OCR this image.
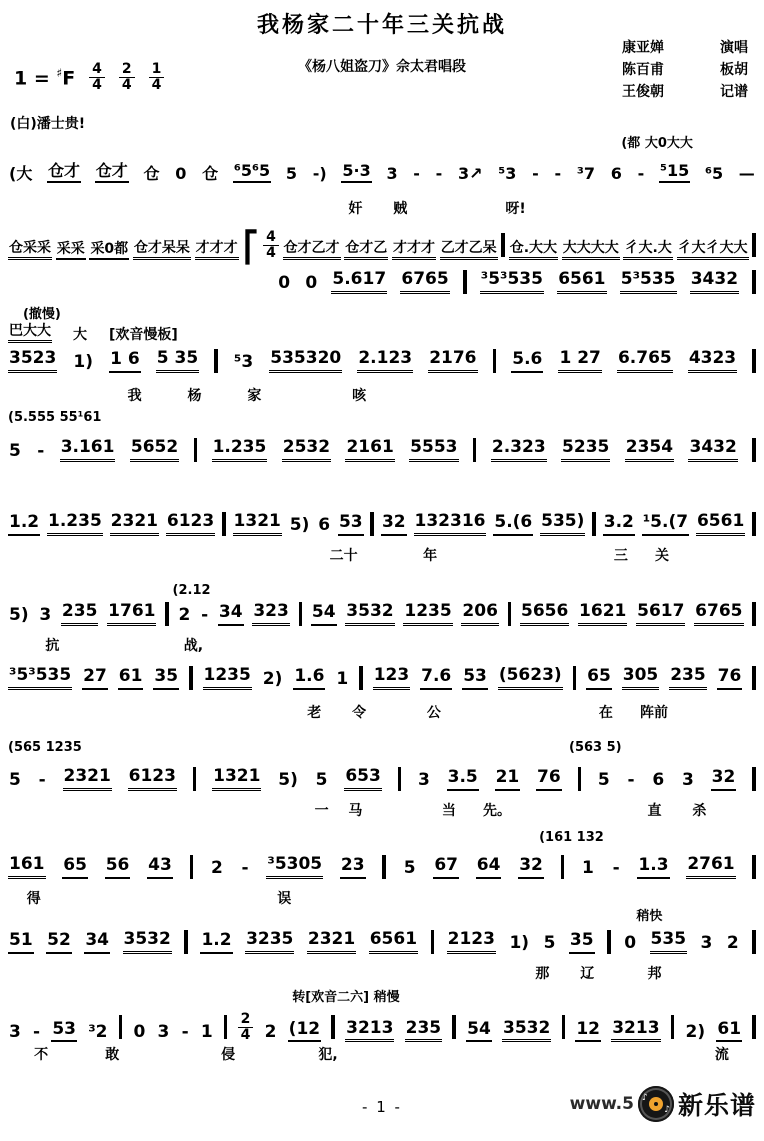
我杨家二十年三关抗战
《杨八姐盗刀》佘太君唱段
$1 = ^♯F \frac{4}{4} \frac{2}{4} \frac{1}{4}$
康亚婵	演唱
陈百甫	板胡
王俊朝	记谱
(白)潘士贵!
(都 大0大大
(大 仓才 仓才 仓 0 仓 ⁶5⁶5 5 -) 5·3 3 - - 3↗ ⁵3 - - ³7 6 - ⁵15 ⁶5 —
奸 贼	呀!
仓采采 采采 采0都 仓才呆呆 才才才 ⎡ $\frac{4}{4}$ 仓才乙才 仓才乙 才才才 乙才乙呆 仓.大大 大大大大 彳大.大 彳大彳大大
0 0 5.617 6765 ³5³535 6561 5³535 3432
(撤慢)
巴大大 大 [欢音慢板]
3523 1) 1 6 5 35 ⁵3 535320 2.123 2176 5.6 1 27 6.765 4323
我	杨	家	咳
(5.555 55¹61
5 - 3.161 5652 1.235 2532 2161 5553 2.323 5235 2354 3432
1.2 1.235 2321 6123 1321 5) 6 53 32 132316 5.(6 535) 3.2 ¹5.(7 6561
二十	年	三 关
(2.12
5) 3 235 1761 2 - 34 323 54 3532 1235 206 5656 1621 5617 6765
抗	战,
³5³535 27 61 35 1235 2) 1.6 1 123 7.6 53 (5623) 65 305 235 76
老 令	公	在 阵前
(565 1235	(563 5)
5 - 2321 6123 1321 5) 5 653 3 3.5 21 76 5 - 6 3 32
一 马	当 先。	直 杀
(161 132
161 65 56 43 2 - ³5305 23 5 67 64 32 1 - 1.3 2761
得	误
稍快
51 52 34 3532 1.2 3235 2321 6561 2123 1) 5 35 0 535 3 2
那 辽	邦
转[欢音二六] 稍慢
3 - 53 ³2 0 $3 - 1 \frac{2}{4} 2$ (12 3213 235 54 3532 12 3213 2) 61
不	敢	侵	犯,	流
- 1 -	www.5 ♪
♪ 新乐谱
